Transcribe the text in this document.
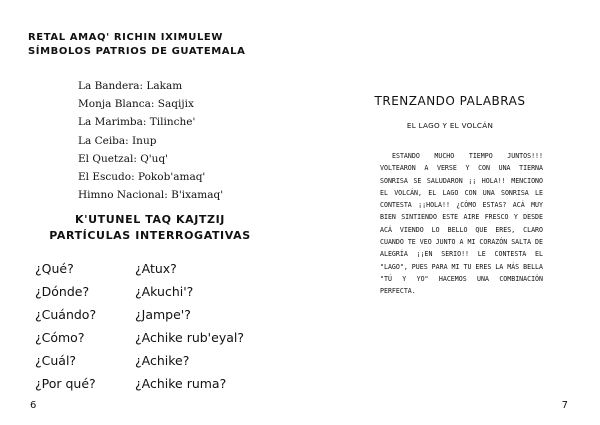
RETAL AMAQ' RICHIN IXIMULEW
SÍMBOLOS PATRIOS DE GUATEMALA
La Bandera: Lakam
Monja Blanca: Saqijix
La Marimba: Tilinche'
La Ceiba: Inup
El Quetzal: Q'uq'
El Escudo: Pokob'amaq'
Himno Nacional: B'ixamaq'
K'UTUNEL TAQ KAJTZIJ
PARTÍCULAS INTERROGATIVAS
¿Qué?
¿Dónde?
¿Cuándo?
¿Cómo?
¿Cuál?
¿Por qué?
¿Atux?
¿Akuchi'?
¿Jampe'?
¿Achike rub'eyal?
¿Achike?
¿Achike ruma?
6
TRENZANDO PALABRAS
EL LAGO Y EL VOLCÁN

ESTANDO MUCHO TIEMPO JUNTOS!!! VOLTEARON A VERSE Y CON UNA TIERNA SONRISA SE SALUDARON ¡¡ HOLA!! MENCIONO EL VOLCÁN, EL LAGO CON UNA SONRISA LE CONTESTA ¡¡HOLA!! ¿CÓMO ESTAS? ACÁ MUY BIEN SINTIENDO ESTE AIRE FRESCO Y DESDE ACÁ VIENDO LO BELLO QUE ERES, CLARO CUANDO TE VEO JUNTO A MI CORAZÓN SALTA DE ALEGRÍA ¡¡EN SERIO!! LE CONTESTA EL "LAGO", PUES PARA MI TU ERES LA MÁS BELLA "TÚ Y YO" HACEMOS UNA COMBINACIÓN PERFECTA.

7
